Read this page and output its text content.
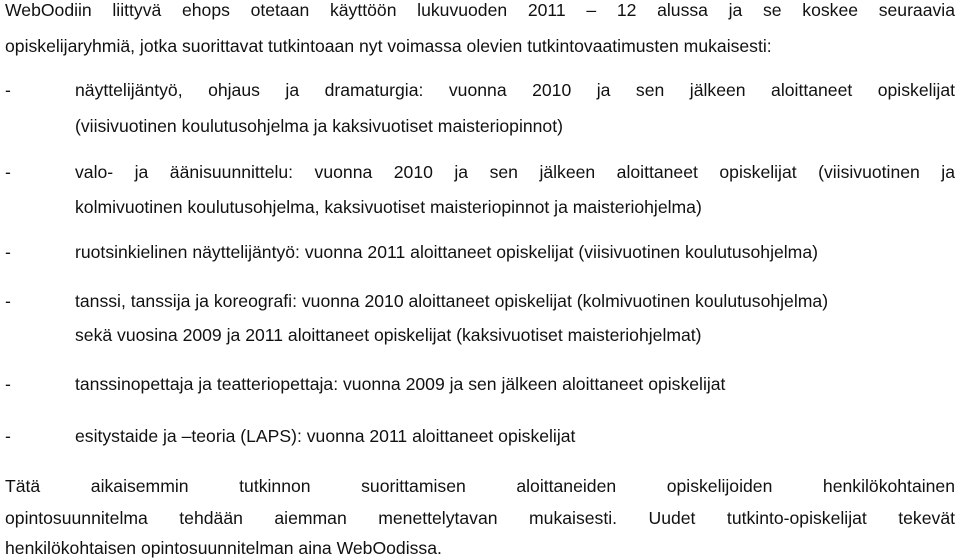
WebOodiin liittyvä ehops otetaan käyttöön lukuvuoden 2011 – 12 alussa ja se koskee seuraavia
opiskelijaryhmiä, jotka suorittavat tutkintoaan nyt voimassa olevien tutkintovaatimusten mukaisesti:
-	näyttelijäntyö, ohjaus ja dramaturgia: vuonna 2010 ja sen jälkeen aloittaneet opiskelijat
(viisivuotinen koulutusohjelma ja kaksivuotiset maisteriopinnot)
-	valo- ja äänisuunnittelu: vuonna 2010 ja sen jälkeen aloittaneet opiskelijat (viisivuotinen ja
kolmivuotinen koulutusohjelma, kaksivuotiset maisteriopinnot ja maisteriohjelma)
-	ruotsinkielinen näyttelijäntyö: vuonna 2011 aloittaneet opiskelijat (viisivuotinen koulutusohjelma)
-	tanssi, tanssija ja koreografi: vuonna 2010 aloittaneet opiskelijat (kolmivuotinen koulutusohjelma)
sekä vuosina 2009 ja 2011 aloittaneet opiskelijat (kaksivuotiset maisteriohjelmat)
-	tanssinopettaja ja teatteriopettaja: vuonna 2009 ja sen jälkeen aloittaneet opiskelijat
-	esitystaide ja –teoria (LAPS): vuonna 2011 aloittaneet opiskelijat
Tätä aikaisemmin tutkinnon suorittamisen aloittaneiden opiskelijoiden henkilökohtainen
opintosuunnitelma tehdään aiemman menettelytavan mukaisesti. Uudet tutkinto-opiskelijat tekevät
henkilökohtaisen opintosuunnitelman aina WebOodissa.
